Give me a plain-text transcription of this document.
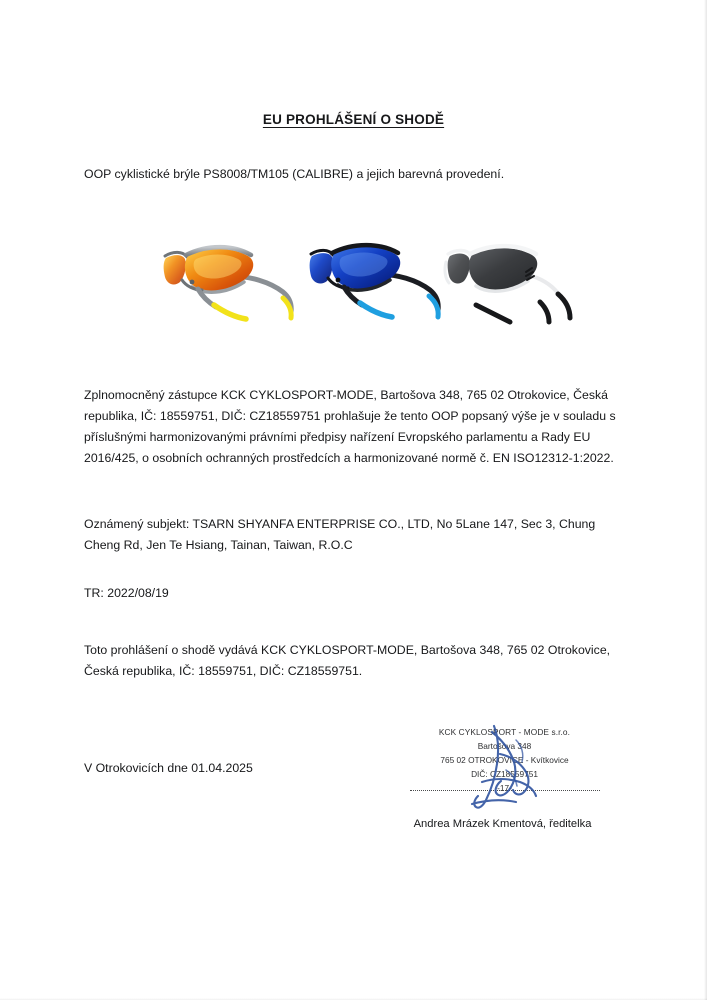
EU PROHLÁŠENÍ O SHODĚ
OOP cyklistické brýle PS8008/TM105 (CALIBRE) a jejich barevná provedení.
Zplnomocněný zástupce KCK CYKLOSPORT-MODE, Bartošova 348, 765 02 Otrokovice, Česká republika, IČ: 18559751, DIČ: CZ18559751 prohlašuje že tento OOP popsaný výše je v souladu s příslušnými harmonizovanými právními předpisy nařízení Evropského parlamentu a Rady EU 2016/425, o osobních ochranných prostředcích a harmonizované normě č. EN ISO12312-1:2022.
Oznámený subjekt: TSARN SHYANFA ENTERPRISE CO., LTD, No 5Lane 147, Sec 3, Chung Cheng Rd, Jen Te Hsiang, Tainan, Taiwan, R.O.C
TR: 2022/08/19
Toto prohlášení o shodě vydává KCK CYKLOSPORT-MODE, Bartošova 348, 765 02 Otrokovice, Česká republika, IČ: 18559751, DIČ: CZ18559751.
V Otrokovicích dne 01.04.2025
KCK CYKLOSPORT - MODE s.r.o.
Bartošova 348
765 02 OTROKOVICE - Kvítkovice
DIČ: CZ18559751
-17-
Andrea Mrázek Kmentová, ředitelka
